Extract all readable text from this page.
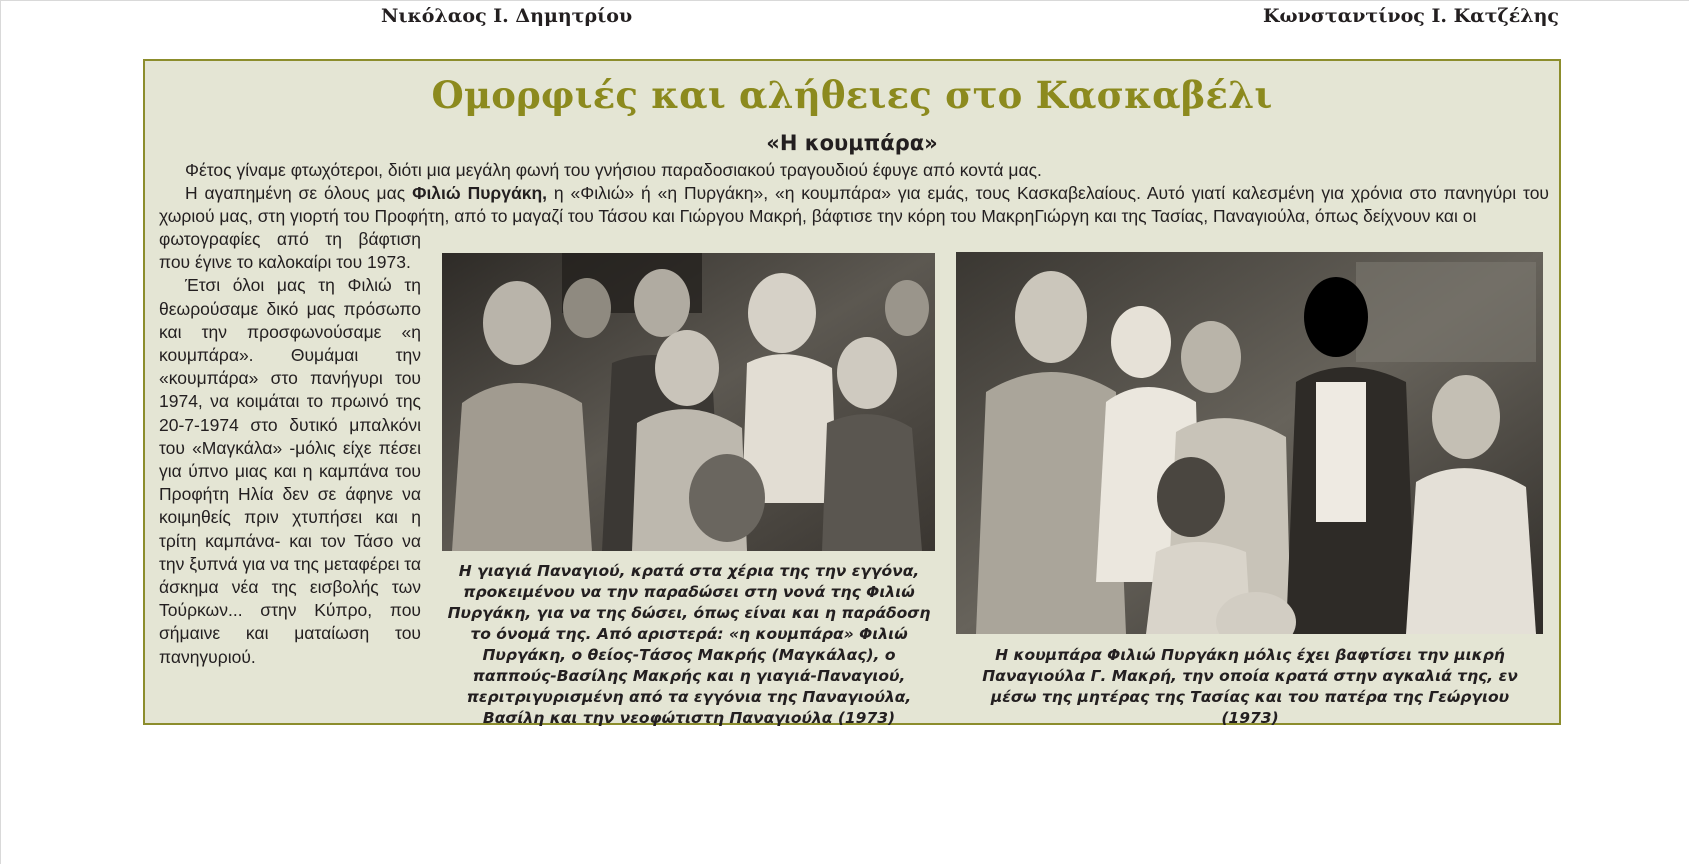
Νικόλαος Ι. Δημητρίου	Κωνσταντίνος Ι. Κατζέλης
Ομορφιές και αλήθειες στο Κασκαβέλι
«Η κουμπάρα»
Φέτος γίναμε φτωχότεροι, διότι μια μεγάλη φωνή του γνήσιου παραδοσιακού τραγουδιού έφυγε από κοντά μας.
Η αγαπημένη σε όλους μας Φιλιώ Πυργάκη, η «Φιλιώ» ή «η Πυργάκη», «η κουμπάρα» για εμάς, τους Κασκαβελαίους. Αυτό γιατί καλεσμένη για χρόνια στο πανηγύρι του χωριού μας, στη γιορτή του Προφήτη, από το μαγαζί του Τάσου και Γιώργου Μακρή, βάφτισε την κόρη του ΜακρηΓιώργη και της Τασίας, Παναγιούλα, όπως δείχνουν και οι

φωτογραφίες από τη βάφτιση που έγινε το καλοκαίρι του 1973.

Έτσι όλοι μας τη Φιλιώ τη θεωρούσαμε δικό μας πρόσωπο και την προσφωνούσαμε «η κουμπάρα». Θυμάμαι την «κουμπάρα» στο πανήγυρι του 1974, να κοιμάται το πρωινό της 20-7-1974 στο δυτικό μπαλκόνι του «Μαγκάλα» -μόλις είχε πέσει για ύπνο μιας και η καμπάνα του Προφήτη Ηλία δεν σε άφηνε να κοιμηθείς πριν χτυπήσει και η τρίτη καμπάνα- και τον Τάσο να την ξυπνά για να της μεταφέρει τα άσκημα νέα της εισβολής των Τούρκων... στην Κύπρο, που σήμαινε και ματαίωση του πανηγυριού.

Η γιαγιά Παναγιού, κρατά στα χέρια της την εγγόνα, προκειμένου να την παραδώσει στη νονά της Φιλιώ Πυργάκη, για να της δώσει, όπως είναι και η παράδοση το όνομά της. Από αριστερά: «η κουμπάρα» Φιλιώ Πυργάκη, ο θείος-Τάσος Μακρής (Μαγκάλας), ο παππούς-Βασίλης Μακρής και η γιαγιά-Παναγιού, περιτριγυρισμένη από τα εγγόνια της Παναγιούλα, Βασίλη και την νεοφώτιστη Παναγιούλα (1973)
Η κουμπάρα Φιλιώ Πυργάκη μόλις έχει βαφτίσει την μικρή Παναγιούλα Γ. Μακρή, την οποία κρατά στην αγκαλιά της, εν μέσω της μητέρας της Τασίας και του πατέρα της Γεώργιου (1973)
